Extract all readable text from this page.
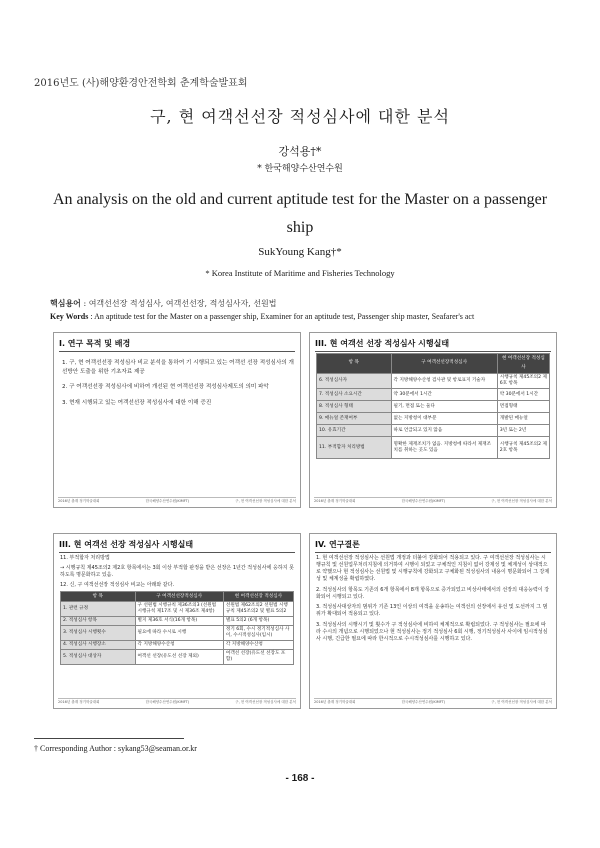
2016년도 (사)해양환경안전학회 춘계학술발표회
구, 현 여객선선장 적성심사에 대한 분석
강석용†*
* 한국해양수산연수원
An analysis on the old and current aptitude test for the Master on a passenger ship
SukYoung Kang†*
* Korea Institute of Maritime and Fisheries Technology
핵심용어 : 여객선선장 적성심사, 여객선선장, 적성심사자, 선원법
Key Words : An aptitude test for the Master on a passenger ship, Examiner for an aptitude test, Passenger ship master, Seafarer's act
I. 연구 목적 및 배경

1. 구, 현 여객선선장 적성심사 비교 분석을 통하여 기 시행되고 있는 여객선 선장 적성심사의 개선방안 도출을 위한 기초자료 제공

2. 구 여객선선장 적성심사에 비하여 개선된 현 여객선선장 적성심사제도의 의미 파악

3. 현재 시행되고 있는 여객선선장 적성심사에 대한 이해 증진

2016년 춘계 정기학술대회	한국해양수산연수원(KIMFT)	구, 현 여객선선장 적성심사에 대한 분석
III. 현 여객선 선장 적성심사 시행실태
항 목	구 여객선선장적성심사	현 여객선선장 적성심사
6. 적성심사자	각 지방해양수산청 검사관 및 항로표지 기술자	시행규칙 제45조의2 제6호 항목
7. 적성심사 소요시간	약 30분에서 1시간	약 30분에서 1시간
8. 적성심사 형태	필기, 면접 또는 둘다	면접형태
9. 매뉴얼 존재여부	없는 지방청이 대부분	개발된 매뉴얼
10. 유효기간	따로 언급되고 있지 않음	3년 또는 2년
11. 부적합자 처리방법	명확한 제재조치가 없음. 지방청에 따라서 제재조치를 취하는 곳도 있음	시행규칙 제45조의2 제2호 항목
2016년 춘계 정기학술대회	한국해양수산연수원(KIMFT)	구, 현 여객선선장 적성심사에 대한 분석
III. 현 여객선 선장 적성심사 시행실태
11. 부적합자 처리방법
→ 시행규칙 제45조의2 제2호 항목에서는 3회 이상 부적합 판정을 받은 선장은 1년간 적성심사에 응하지 못하도록 명문화하고 있음.
12. 신, 구 여객선선장 적성심사 비교는 아래와 같다.
항 목	구 여객선선장적성심사	현 여객선선장 적성심사
1. 관련 규정	구 선원법 시행규칙 제36조의3 (선원법 시행규칙 제17조 및 시 제36조 제4항)	선원법 제62조의2 선원법 시행규칙 제45조의2 및 별표 5의2
2. 적성심사 항목	별지 제36호 서식(16개 항목)	별표 5의2 (6개 항목)
3. 적성심사 시행횟수	필요에 따라 수시로 시행	정기 6회, 수시 정기적성심사 사이, 수시적성심사(임시)
4. 적성심사 시행장소	각 지방해양수산청	각 지방해양수산청
5. 적성심사 대상자	여객선 선장(유도선 선장 제외)	여객선 선장(유도선 선장도 포함)
2016년 춘계 정기학술대회	한국해양수산연수원(KIMFT)	구, 현 여객선선장 적성심사에 대한 분석
IV. 연구결론

1. 현 여객선선장 적성심사는 선원법 개정과 더불어 강화되어 적용되고 있다. 구 여객선선장 적성심사는 시행규칙 및 선원업무처리지침에 의거하여 시행이 되었고 구체적인 지침이 없어 강제성 및 체계성이 상대적으로 약했으나 현 적성심사는 선원법 및 시행규칙에 강화되고 구체화된 적성심사의 내용이 명문화되어 그 강제성 및 체계성을 확립하였다.

2. 적성심사의 항목도 기존의 6개 항목에서 8개 항목으로 증가되었고 비상사태에서의 선장의 대응능력이 강화되어 시행되고 있다.

3. 적성심사대상자의 범위가 기존 13인 이상의 여객을 운송하는 여객선의 선장에서 유선 및 도선까지 그 범위가 확대되어 적용되고 있다.

3. 적성심사의 시행시기 및 횟수가 구 적성심사에 비하여 체계적으로 확립되었다. 구 적성심사는 필요에 따라 수시의 개념으로 시행되었으나 현 적성심사는 정기 적성심사 6회 시행, 정기적성심사 사이에 임시적성심사 시행, 긴급한 필요에 따라 한시적으로 수시적성심사를 시행하고 있다.

2016년 춘계 정기학술대회	한국해양수산연수원(KIMFT)	구, 현 여객선선장 적성심사에 대한 분석
† Corresponding Author : sykang53@seaman.or.kr
- 168 -
